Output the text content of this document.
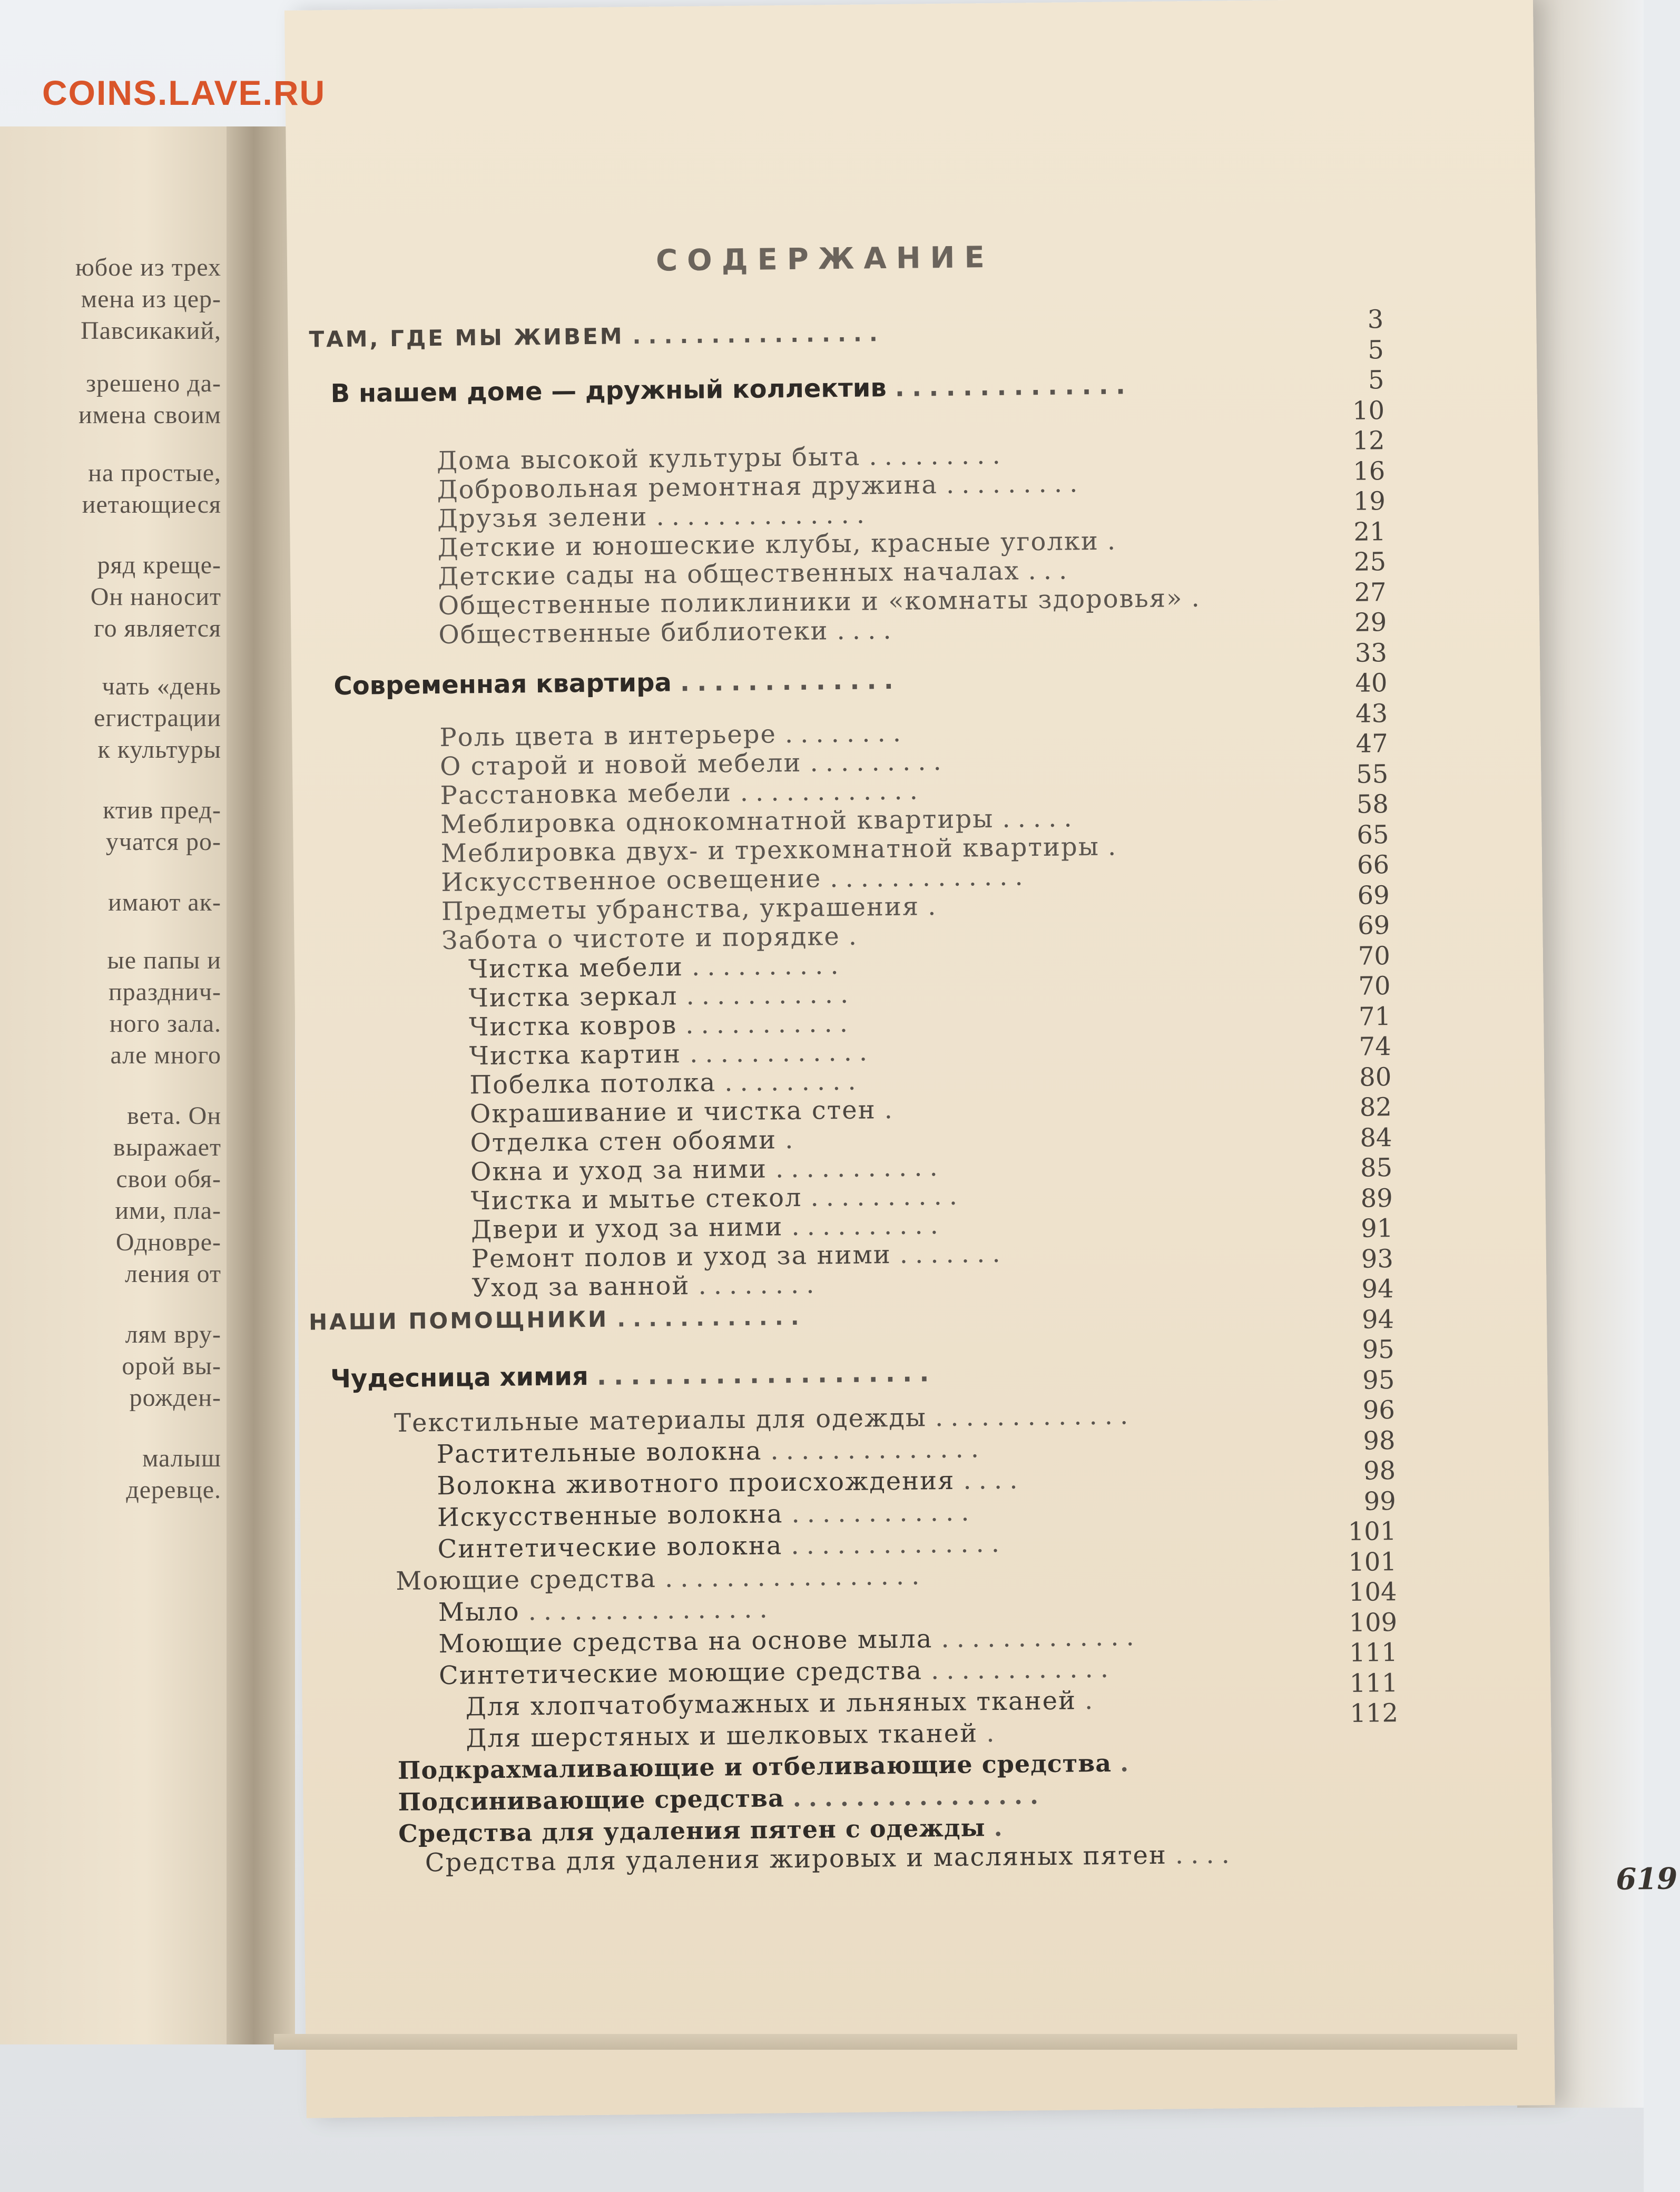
юбое из трех
мена из цер-
Павсикакий,
зрешено да-
имена своим
на простые,
иетающиеся
ряд креще-
Он наносит
го является
чать «день
егистрации
к культуры
ктив пред-
учатся ро-
имают ак-
ые папы и
празднич-
ного зала.
але много
вета. Он
выражает
свои обя-
ими, пла-
Одновре-
ления от
лям вру-
орой вы-
рожден-
малыш
деревце.
СОДЕРЖАНИЕ
ТАМ, ГДЕ МЫ ЖИВЕМ ................
В нашем доме — дружный коллектив ..............
Дома высокой культуры быта .........
Добровольная ремонтная дружина .........
Друзья зелени ..............
Детские и юношеские клубы, красные уголки .
Детские сады на общественных началах ...
Общественные поликлиники и «комнаты здоровья» .
Общественные библиотеки ....
Современная квартира .............
Роль цвета в интерьере ........
О старой и новой мебели .........
Расстановка мебели ............
Меблировка однокомнатной квартиры .....
Меблировка двух- и трехкомнатной квартиры .
Искусственное освещение .............
Предметы убранства, украшения .
Забота о чистоте и порядке .
Чистка мебели ..........
Чистка зеркал ...........
Чистка ковров ...........
Чистка картин ............
Побелка потолка .........
Окрашивание и чистка стен .
Отделка стен обоями .
Окна и уход за ними ...........
Чистка и мытье стекол ..........
Двери и уход за ними ..........
Ремонт полов и уход за ними .......
Уход за ванной ........
НАШИ ПОМОЩНИКИ ............
Чудесница химия ....................
Текстильные материалы для одежды .............
Растительные волокна ..............
Волокна животного происхождения ....
Искусственные волокна ............
Синтетические волокна ..............
Моющие средства .................
Мыло ................
Моющие средства на основе мыла .............
Синтетические моющие средства ............
Для хлопчатобумажных и льняных тканей .
Для шерстяных и шелковых тканей .
Подкрахмаливающие и отбеливающие средства .
Подсинивающие средства ................
Средства для удаления пятен с одежды .
Средства для удаления жировых и масляных пятен ....
3
5
5
10
12
16
19
21
25
27
29
33
40
43
47
55
58
65
66
69
69
70
70
71
74
80
82
84
85
89
91
93
94
94
95
95
96
98
98
99
101
101
104
109
111
111
112
619
COINS.LAVE.RU
